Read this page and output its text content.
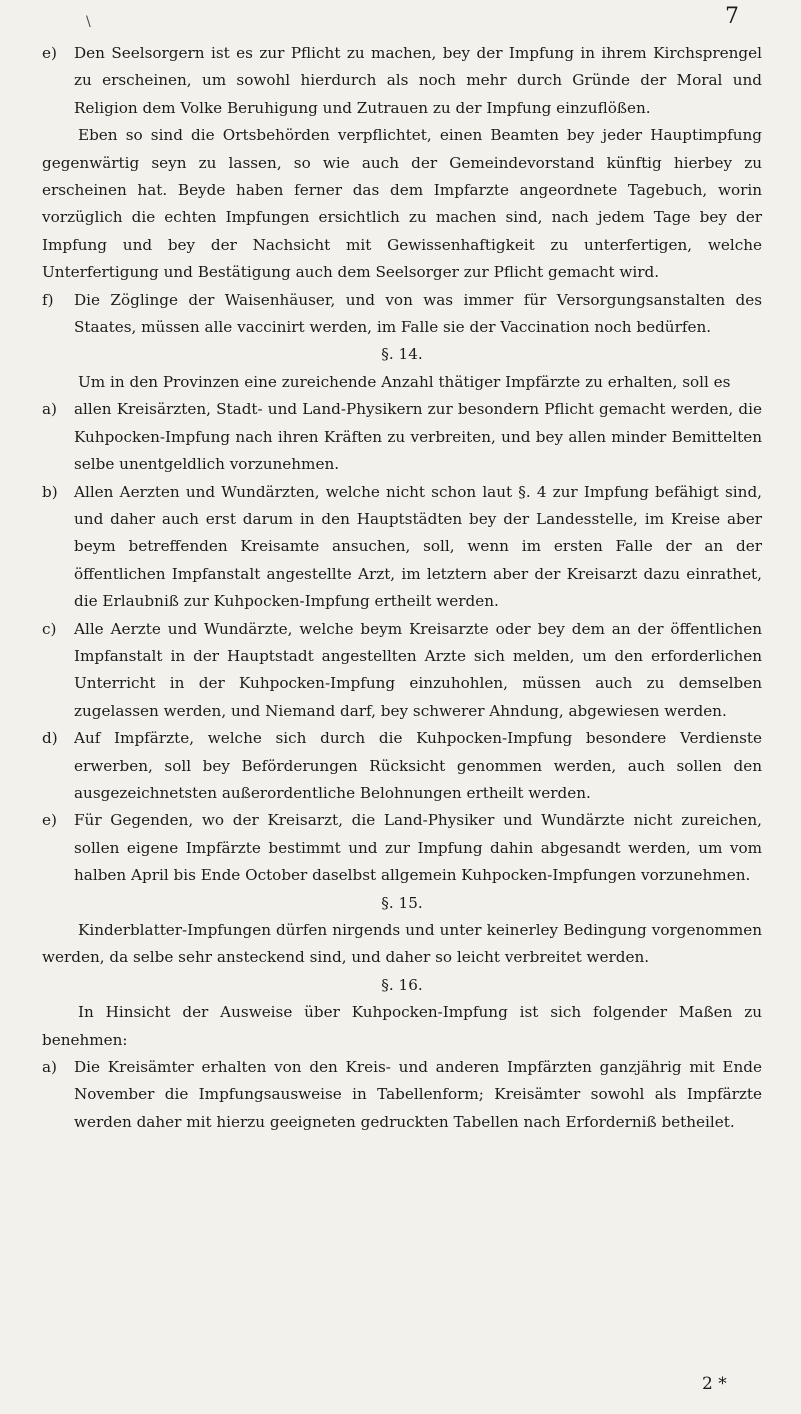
\	7
e) Den Seelsorgern ist es zur Pflicht zu machen, bey der Impfung in ihrem Kirchsprengel zu erscheinen, um sowohl hierdurch als noch mehr durch Gründe der Moral und Religion dem Volke Beruhigung und Zutrauen zu der Impfung einzuflößen.
Eben so sind die Ortsbehörden verpflichtet, einen Beamten bey jeder Hauptimpfung gegenwärtig seyn zu lassen, so wie auch der Gemeindevorstand künftig hierbey zu erscheinen hat. Beyde haben ferner das dem Impfarzte angeordnete Tagebuch, worin vorzüglich die echten Impfungen ersichtlich zu machen sind, nach jedem Tage bey der Impfung und bey der Nachsicht mit Gewissenhaftigkeit zu unterfertigen, welche Unterfertigung und Bestätigung auch dem Seelsorger zur Pflicht gemacht wird.
f) Die Zöglinge der Waisenhäuser, und von was immer für Versorgungsanstalten des Staates, müssen alle vaccinirt werden, im Falle sie der Vaccination noch bedürfen.
§. 14.
Um in den Provinzen eine zureichende Anzahl thätiger Impfärzte zu erhalten, soll es
a) allen Kreisärzten, Stadt- und Land-Physikern zur besondern Pflicht gemacht werden, die Kuhpocken-Impfung nach ihren Kräften zu verbreiten, und bey allen minder Bemittelten selbe unentgeldlich vorzunehmen.
b) Allen Aerzten und Wundärzten, welche nicht schon laut §. 4 zur Impfung befähigt sind, und daher auch erst darum in den Hauptstädten bey der Landesstelle, im Kreise aber beym betreffenden Kreisamte ansuchen, soll, wenn im ersten Falle der an der öffentlichen Impfanstalt angestellte Arzt, im letztern aber der Kreisarzt dazu einrathet, die Erlaubniß zur Kuhpocken-Impfung ertheilt werden.
c) Alle Aerzte und Wundärzte, welche beym Kreisarzte oder bey dem an der öffentlichen Impfanstalt in der Hauptstadt angestellten Arzte sich melden, um den erforderlichen Unterricht in der Kuhpocken-Impfung einzuhohlen, müssen auch zu demselben zugelassen werden, und Niemand darf, bey schwerer Ahndung, abgewiesen werden.
d) Auf Impfärzte, welche sich durch die Kuhpocken-Impfung besondere Verdienste erwerben, soll bey Beförderungen Rücksicht genommen werden, auch sollen den ausgezeichnetsten außerordentliche Belohnungen ertheilt werden.
e) Für Gegenden, wo der Kreisarzt, die Land-Physiker und Wundärzte nicht zureichen, sollen eigene Impfärzte bestimmt und zur Impfung dahin abgesandt werden, um vom halben April bis Ende October daselbst allgemein Kuhpocken-Impfungen vorzunehmen.
§. 15.
Kinderblatter-Impfungen dürfen nirgends und unter keinerley Bedingung vorgenommen werden, da selbe sehr ansteckend sind, und daher so leicht verbreitet werden.
§. 16.
In Hinsicht der Ausweise über Kuhpocken-Impfung ist sich folgender Maßen zu benehmen:
a) Die Kreisämter erhalten von den Kreis- und anderen Impfärzten ganzjährig mit Ende November die Impfungsausweise in Tabellenform; Kreisämter sowohl als Impfärzte werden daher mit hierzu geeigneten gedruckten Tabellen nach Erforderniß betheilet.
2 *
